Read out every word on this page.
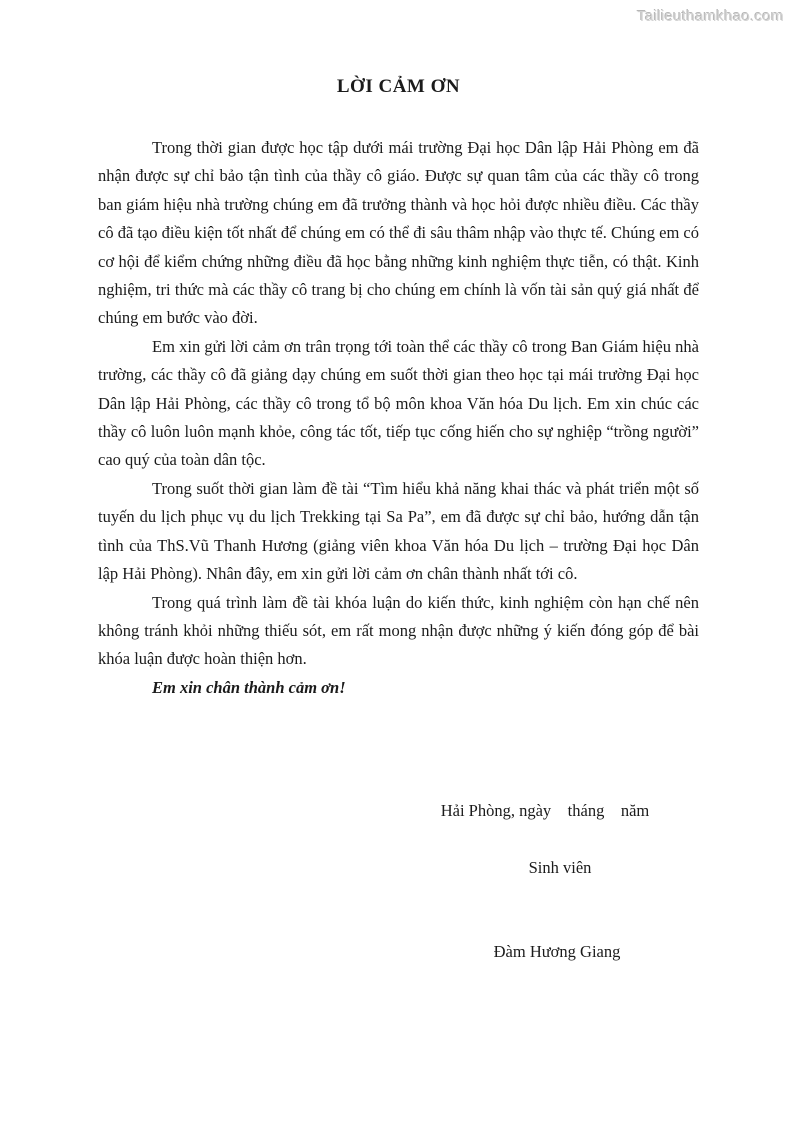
Tailieuthamkhao.com
LỜI CẢM ƠN

Trong thời gian được học tập dưới mái trường Đại học Dân lập Hải Phòng em đã nhận được sự chỉ bảo tận tình của thầy cô giáo. Được sự quan tâm của các thầy cô trong ban giám hiệu nhà trường chúng em đã trưởng thành và học hỏi được nhiều điều. Các thầy cô đã tạo điều kiện tốt nhất để chúng em có thể đi sâu thâm nhập vào thực tế. Chúng em có cơ hội để kiểm chứng những điều đã học bằng những kinh nghiệm thực tiễn, có thật. Kinh nghiệm, tri thức mà các thầy cô trang bị cho chúng em chính là vốn tài sản quý giá nhất để chúng em bước vào đời.

Em xin gửi lời cảm ơn trân trọng tới toàn thể các thầy cô trong Ban Giám hiệu nhà trường, các thầy cô đã giảng dạy chúng em suốt thời gian theo học tại mái trường Đại học Dân lập Hải Phòng, các thầy cô trong tổ bộ môn khoa Văn hóa Du lịch. Em xin chúc các thầy cô luôn luôn mạnh khỏe, công tác tốt, tiếp tục cống hiến cho sự nghiệp “trồng người” cao quý của toàn dân tộc.

Trong suốt thời gian làm đề tài “Tìm hiểu khả năng khai thác và phát triển một số tuyến du lịch phục vụ du lịch Trekking tại Sa Pa”, em đã được sự chỉ bảo, hướng dẫn tận tình của ThS.Vũ Thanh Hương (giảng viên khoa Văn hóa Du lịch – trường Đại học Dân lập Hải Phòng). Nhân đây, em xin gửi lời cảm ơn chân thành nhất tới cô.

Trong quá trình làm đề tài khóa luận do kiến thức, kinh nghiệm còn hạn chế nên không tránh khỏi những thiếu sót, em rất mong nhận được những ý kiến đóng góp để bài khóa luận được hoàn thiện hơn.

Em xin chân thành cảm ơn!

Hải Phòng, ngày    tháng    năm
Sinh viên
Đàm Hương Giang
